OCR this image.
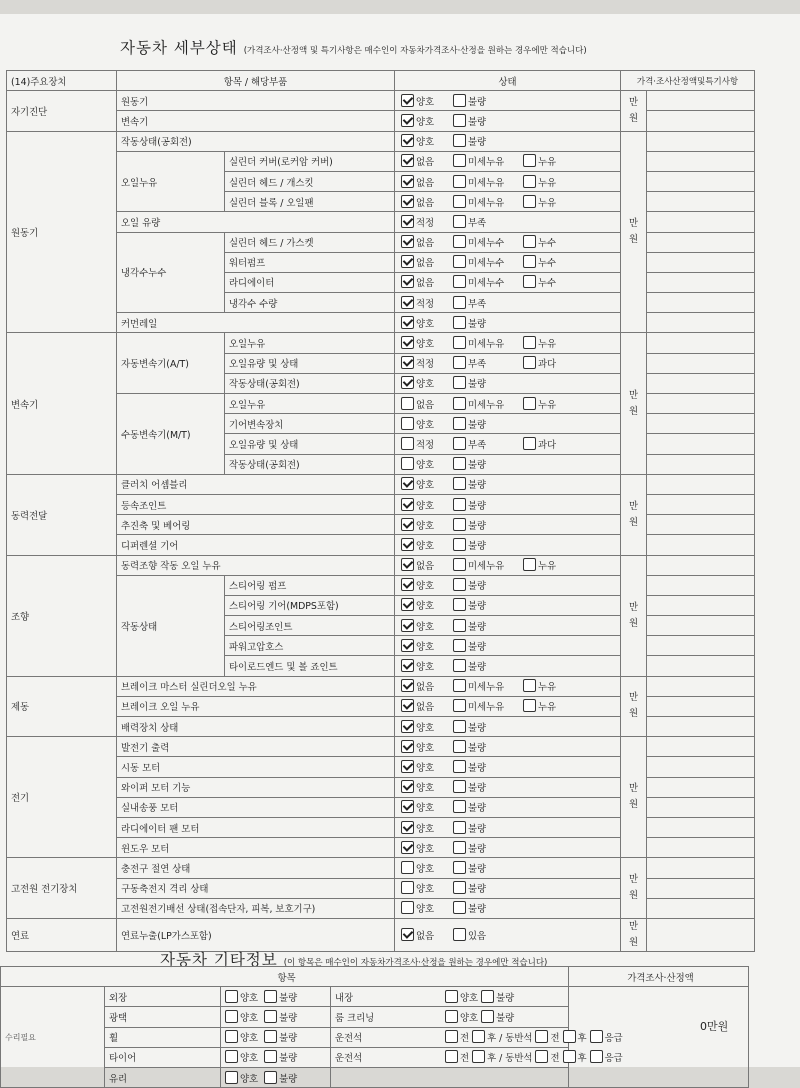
자동차 세부상태 (가격조사·산정액 및 특기사항은 매수인이 자동차가격조사·산정을 원하는 경우에만 적습니다)
(14)주요장치	항목 / 해당부품		상태	가격·조사산정액및특기사항	
자기진단	원동기		양호 불량	만원	
	변속기		양호 불량		
원동기	작동상태(공회전)		양호 불량	만원	
	오일누유	실린더 커버(로커암 커버)	없음 미세누유 누유		
		실린더 헤드 / 개스킷	없음 미세누유 누유		
		실린더 블록 / 오일팬	없음 미세누유 누유		
	오일 유량		적정 부족		
	냉각수누수	실린더 헤드 / 가스켓	없음 미세누수 누수		
		워터펌프	없음 미세누수 누수		
		라디에이터	없음 미세누수 누수		
		냉각수 수량	적정 부족		
	커먼레일		양호 불량		
변속기	자동변속기(A/T)	오일누유	양호 미세누유 누유	만원	
		오일유량 및 상태	적정 부족 과다		
		작동상태(공회전)	양호 불량		
	수동변속기(M/T)	오일누유	없음 미세누유 누유		
		기어변속장치	양호 불량		
		오일유량 및 상태	적정 부족 과다		
		작동상태(공회전)	양호 불량		
동력전달	클러치 어셈블리		양호 불량	만원	
	등속조인트		양호 불량		
	추진축 및 베어링		양호 불량		
	디퍼렌셜 기어		양호 불량		
조향	동력조향 작동 오일 누유		없음 미세누유 누유	만원	
	작동상태	스티어링 펌프	양호 불량		
		스티어링 기어(MDPS포함)	양호 불량		
		스티어링조인트	양호 불량		
		파워고압호스	양호 불량		
		타이로드엔드 및 볼 죠인트	양호 불량		
제동	브레이크 마스터 실린더오일 누유		없음 미세누유 누유	만원	
	브레이크 오일 누유		없음 미세누유 누유		
	배력장치 상태		양호 불량		
전기	발전기 출력		양호 불량	만원	
	시동 모터		양호 불량		
	와이퍼 모터 기능		양호 불량		
	실내송풍 모터		양호 불량		
	라디에이터 팬 모터		양호 불량		
	윈도우 모터		양호 불량		
고전원 전기장치	충전구 절연 상태		양호 불량	만원	
	구동축전지 격리 상태		양호 불량		
	고전원전기배선 상태(접속단자, 피복, 보호기구)		양호 불량		
연료	연료누출(LP가스포함)		없음 있음	만원	
자동차 기타정보 (이 항목은 매수인이 자동차가격조사·산정을 원하는 경우에만 적습니다)
항목				가격조사·산정액
수리필요	외장	양호 불량	내장 양호 불량	
	광택	양호 불량	룸 크리닝 양호 불량	
	휠	양호 불량	운전석 전 후 / 동반석 전 후 응급	
	타이어	양호 불량	운전석 전 후 / 동반석 전 후 응급	
	유리	양호 불량		
0만원
